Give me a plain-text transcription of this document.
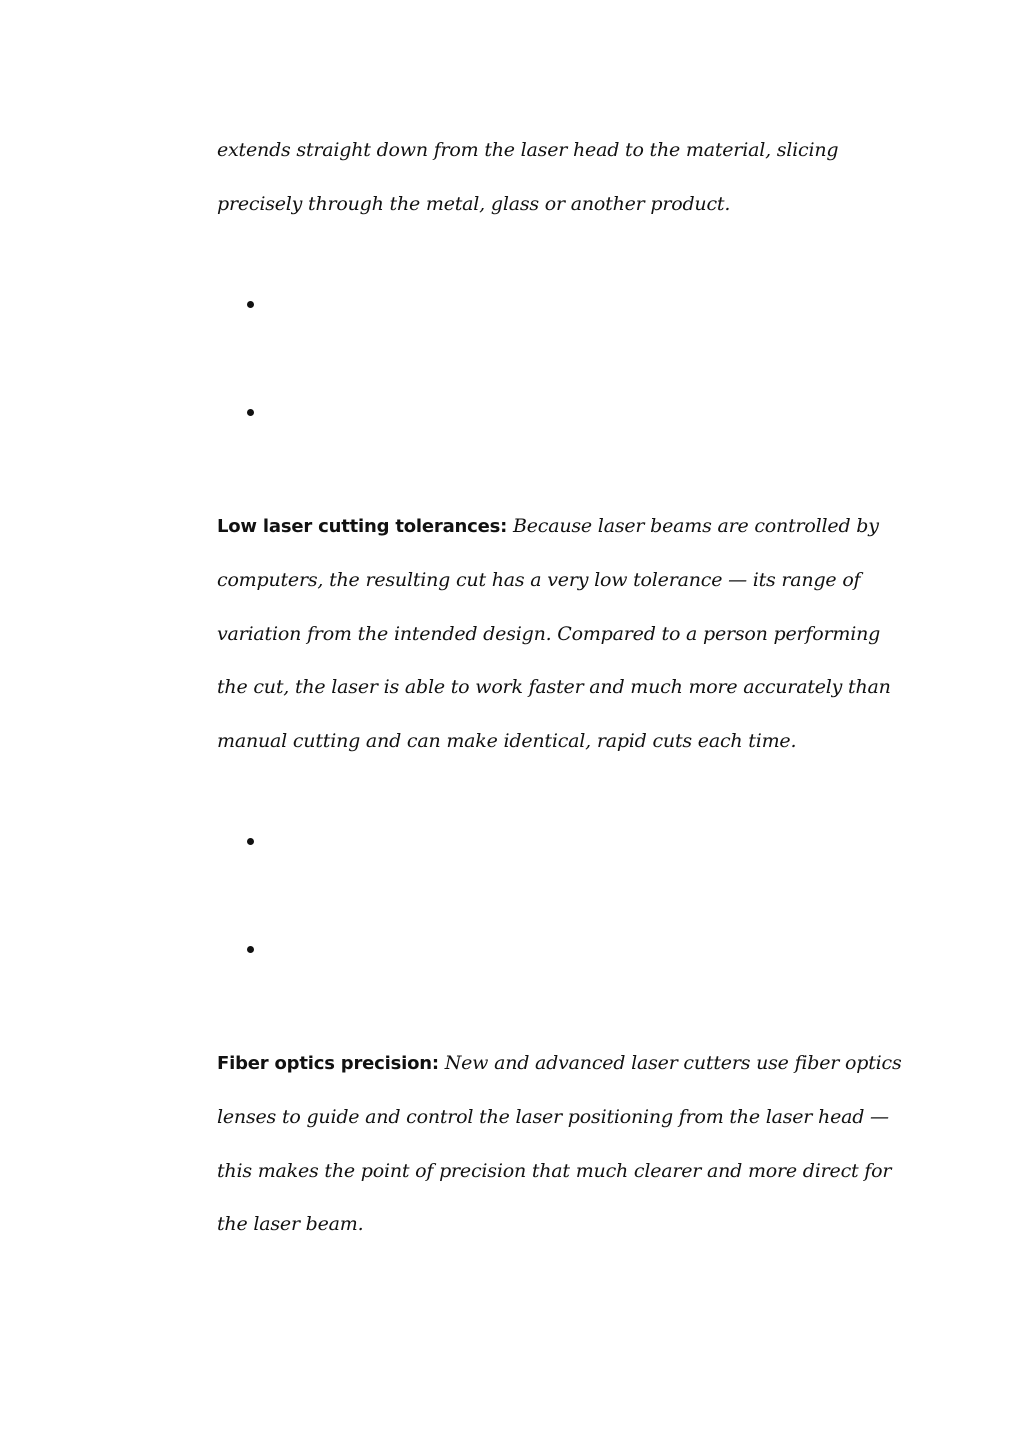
extends straight down from the laser head to the material, slicing
precisely through the metal, glass or another product.

Low laser cutting tolerances: Because laser beams are controlled by
computers, the resulting cut has a very low tolerance — its range of
variation from the intended design. Compared to a person performing
the cut, the laser is able to work faster and much more accurately than
manual cutting and can make identical, rapid cuts each time.

Fiber optics precision: New and advanced laser cutters use fiber optics
lenses to guide and control the laser positioning from the laser head —
this makes the point of precision that much clearer and more direct for
the laser beam.
